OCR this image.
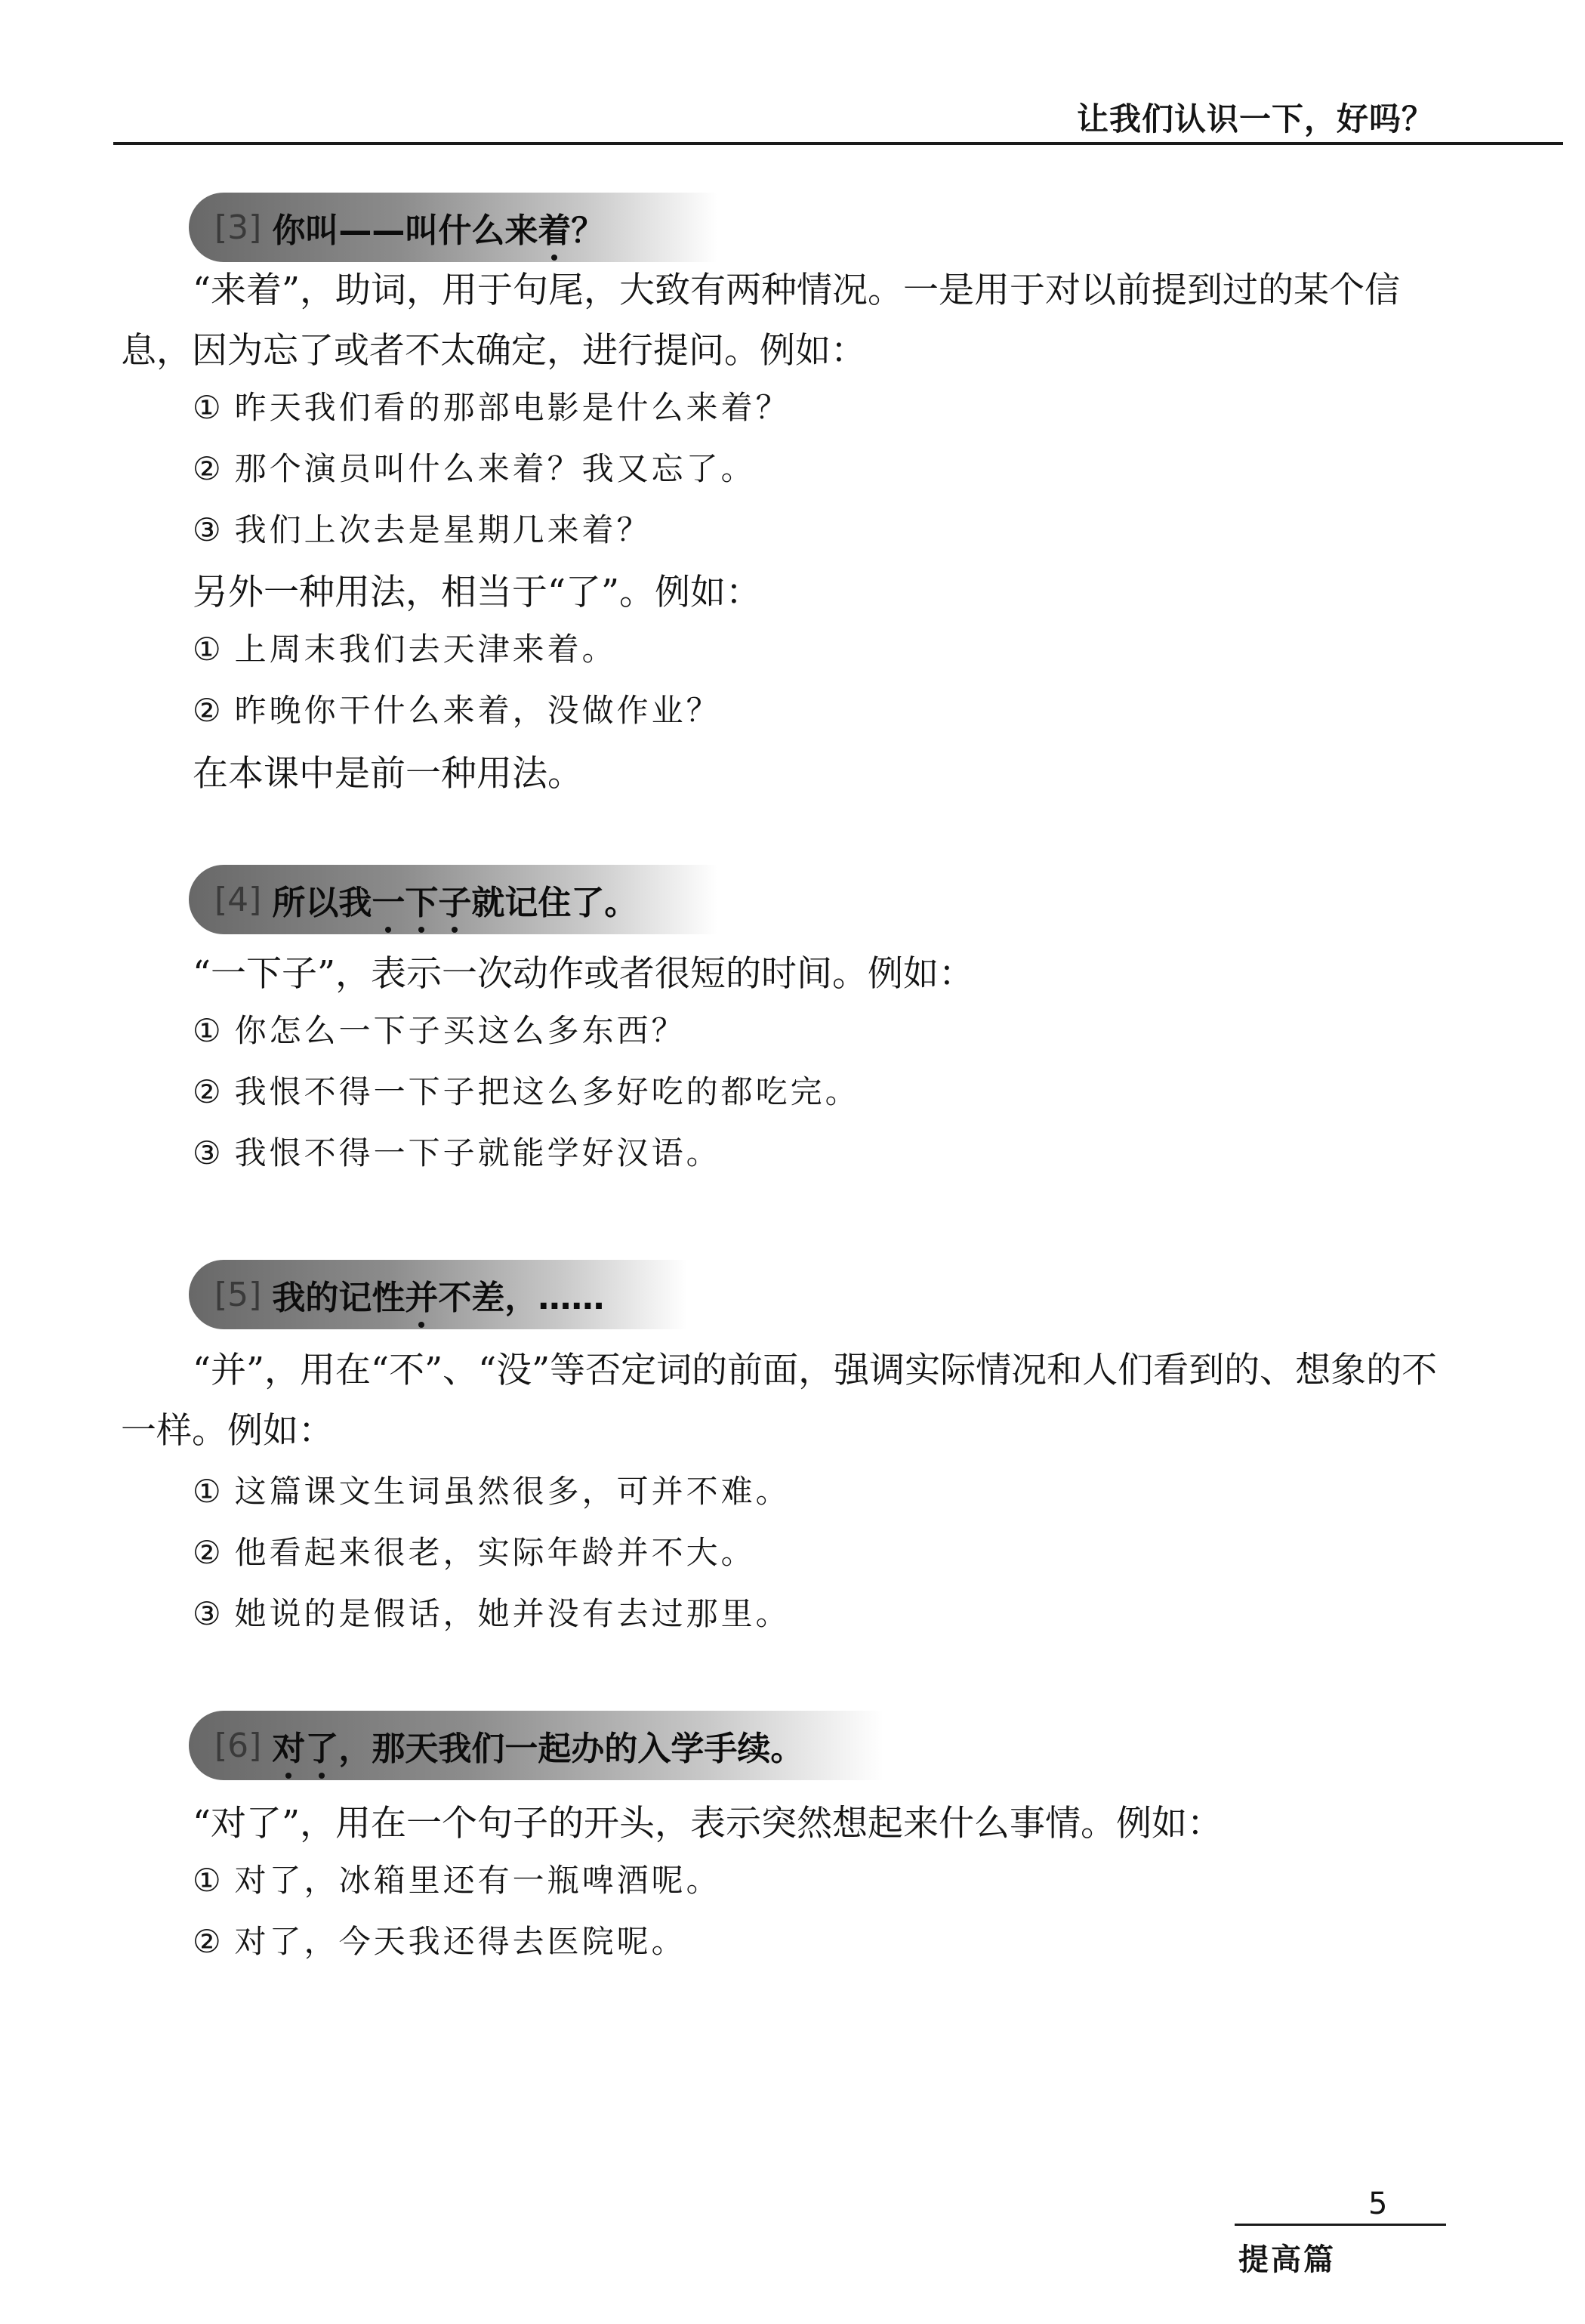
让我们认识一下，好吗？
[3] 你叫——叫什么来 着 ？
“来着”，助词，用于句尾，大致有两种情况。一是用于对以前提到过的某个信
息，因为忘了或者不太确定，进行提问。例如：
① 昨天我们看的那部电影是什么来着？
② 那个演员叫什么来着？我又忘了。
③ 我们上次去是星期几来着？
另外一种用法，相当于“了”。例如：
① 上周末我们去天津来着。
② 昨晚你干什么来着，没做作业？
在本课中是前一种用法。
[4] 所以我 一 下 子 就记住了。
“一下子”，表示一次动作或者很短的时间。例如：
① 你怎么一下子买这么多东西？
② 我恨不得一下子把这么多好吃的都吃完。
③ 我恨不得一下子就能学好汉语。
[5] 我的记性 并 不差，……
“并”，用在“不”、“没”等否定词的前面，强调实际情况和人们看到的、想象的不
一样。例如：
① 这篇课文生词虽然很多，可并不难。
② 他看起来很老，实际年龄并不大。
③ 她说的是假话，她并没有去过那里。
[6] 对 了 ，那天我们一起办的入学手续。
“对了”，用在一个句子的开头，表示突然想起来什么事情。例如：
① 对了，冰箱里还有一瓶啤酒呢。
② 对了，今天我还得去医院呢。
5
提高篇
